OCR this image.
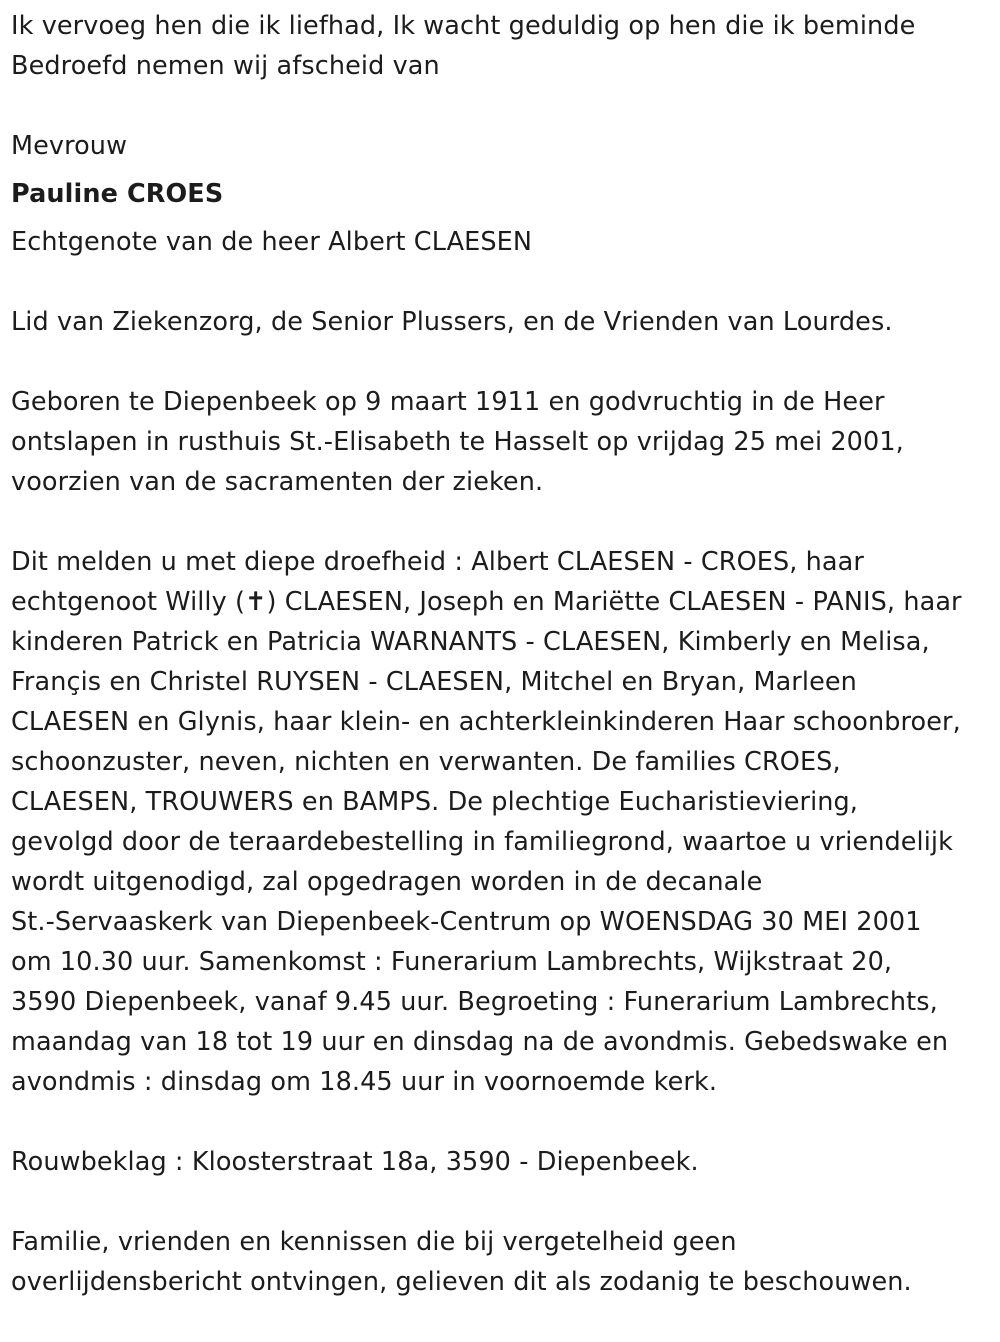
Ik vervoeg hen die ik liefhad, Ik wacht geduldig op hen die ik beminde
Bedroefd nemen wij afscheid van
Mevrouw
Pauline CROES
Echtgenote van de heer Albert CLAESEN
Lid van Ziekenzorg, de Senior Plussers, en de Vrienden van Lourdes.
Geboren te Diepenbeek op 9 maart 1911 en godvruchtig in de Heer
ontslapen in rusthuis St.-Elisabeth te Hasselt op vrijdag 25 mei 2001,
voorzien van de sacramenten der zieken.
Dit melden u met diepe droefheid : Albert CLAESEN - CROES, haar
echtgenoot Willy (✝) CLAESEN, Joseph en Mariëtte CLAESEN - PANIS, haar
kinderen Patrick en Patricia WARNANTS - CLAESEN, Kimberly en Melisa,
Françis en Christel RUYSEN - CLAESEN, Mitchel en Bryan, Marleen
CLAESEN en Glynis, haar klein- en achterkleinkinderen Haar schoonbroer,
schoonzuster, neven, nichten en verwanten. De families CROES,
CLAESEN, TROUWERS en BAMPS. De plechtige Eucharistieviering,
gevolgd door de teraardebestelling in familiegrond, waartoe u vriendelijk
wordt uitgenodigd, zal opgedragen worden in de decanale
St.-Servaaskerk van Diepenbeek-Centrum op WOENSDAG 30 MEI 2001
om 10.30 uur. Samenkomst : Funerarium Lambrechts, Wijkstraat 20,
3590 Diepenbeek, vanaf 9.45 uur. Begroeting : Funerarium Lambrechts,
maandag van 18 tot 19 uur en dinsdag na de avondmis. Gebedswake en
avondmis : dinsdag om 18.45 uur in voornoemde kerk.
Rouwbeklag : Kloosterstraat 18a, 3590 - Diepenbeek.
Familie, vrienden en kennissen die bij vergetelheid geen
overlijdensbericht ontvingen, gelieven dit als zodanig te beschouwen.
